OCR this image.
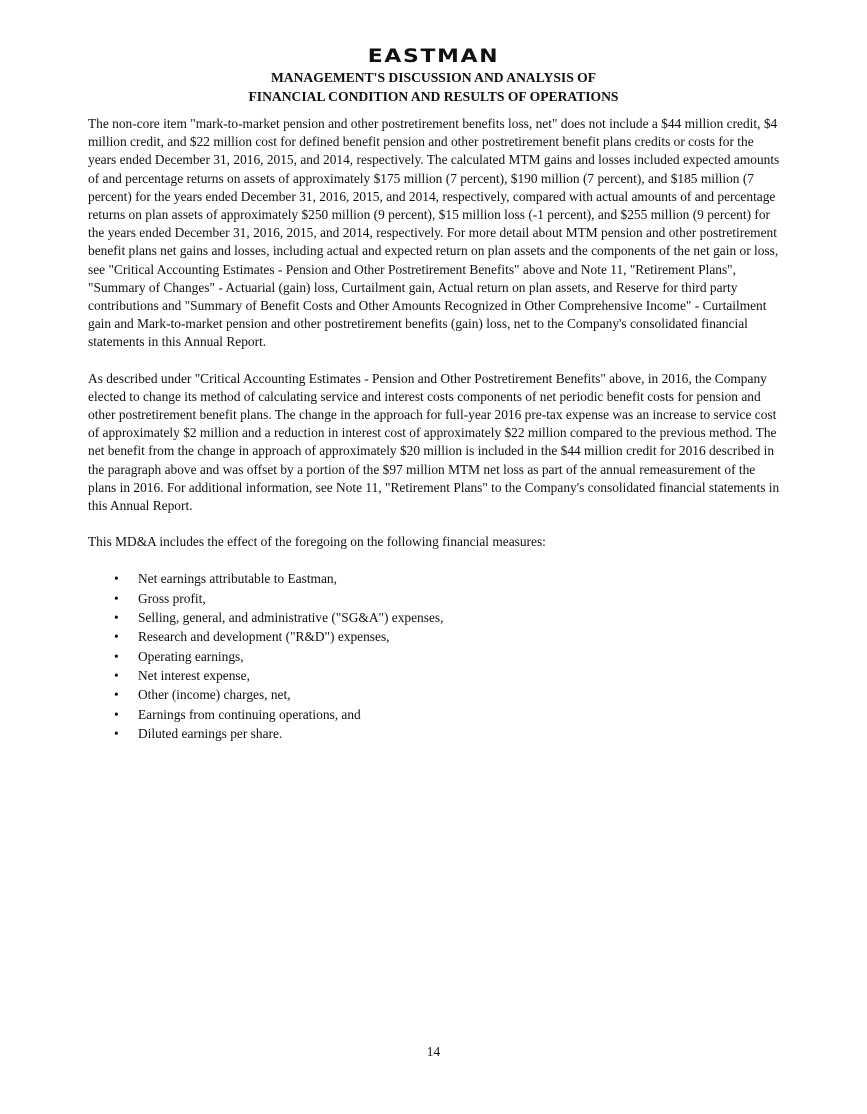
EASTMAN
MANAGEMENT'S DISCUSSION AND ANALYSIS OF
FINANCIAL CONDITION AND RESULTS OF OPERATIONS

The non-core item "mark-to-market pension and other postretirement benefits loss, net" does not include a $44 million credit, $4 million credit, and $22 million cost for defined benefit pension and other postretirement benefit plans credits or costs for the years ended December 31, 2016, 2015, and 2014, respectively. The calculated MTM gains and losses included expected amounts of and percentage returns on assets of approximately $175 million (7 percent), $190 million (7 percent), and $185 million (7 percent) for the years ended December 31, 2016, 2015, and 2014, respectively, compared with actual amounts of and percentage returns on plan assets of approximately $250 million (9 percent), $15 million loss (-1 percent), and $255 million (9 percent) for the years ended December 31, 2016, 2015, and 2014, respectively. For more detail about MTM pension and other postretirement benefit plans net gains and losses, including actual and expected return on plan assets and the components of the net gain or loss, see "Critical Accounting Estimates - Pension and Other Postretirement Benefits" above and Note 11, "Retirement Plans", "Summary of Changes" - Actuarial (gain) loss, Curtailment gain, Actual return on plan assets, and Reserve for third party contributions and "Summary of Benefit Costs and Other Amounts Recognized in Other Comprehensive Income" - Curtailment gain and Mark-to-market pension and other postretirement benefits (gain) loss, net to the Company's consolidated financial statements in this Annual Report.

As described under "Critical Accounting Estimates - Pension and Other Postretirement Benefits" above, in 2016, the Company elected to change its method of calculating service and interest costs components of net periodic benefit costs for pension and other postretirement benefit plans. The change in the approach for full-year 2016 pre-tax expense was an increase to service cost of approximately $2 million and a reduction in interest cost of approximately $22 million compared to the previous method. The net benefit from the change in approach of approximately $20 million is included in the $44 million credit for 2016 described in the paragraph above and was offset by a portion of the $97 million MTM net loss as part of the annual remeasurement of the plans in 2016. For additional information, see Note 11, "Retirement Plans" to the Company's consolidated financial statements in this Annual Report.

This MD&A includes the effect of the foregoing on the following financial measures:

• Net earnings attributable to Eastman,
• Gross profit,
• Selling, general, and administrative ("SG&A") expenses,
• Research and development ("R&D") expenses,
• Operating earnings,
• Net interest expense,
• Other (income) charges, net,
• Earnings from continuing operations, and
• Diluted earnings per share.
14
